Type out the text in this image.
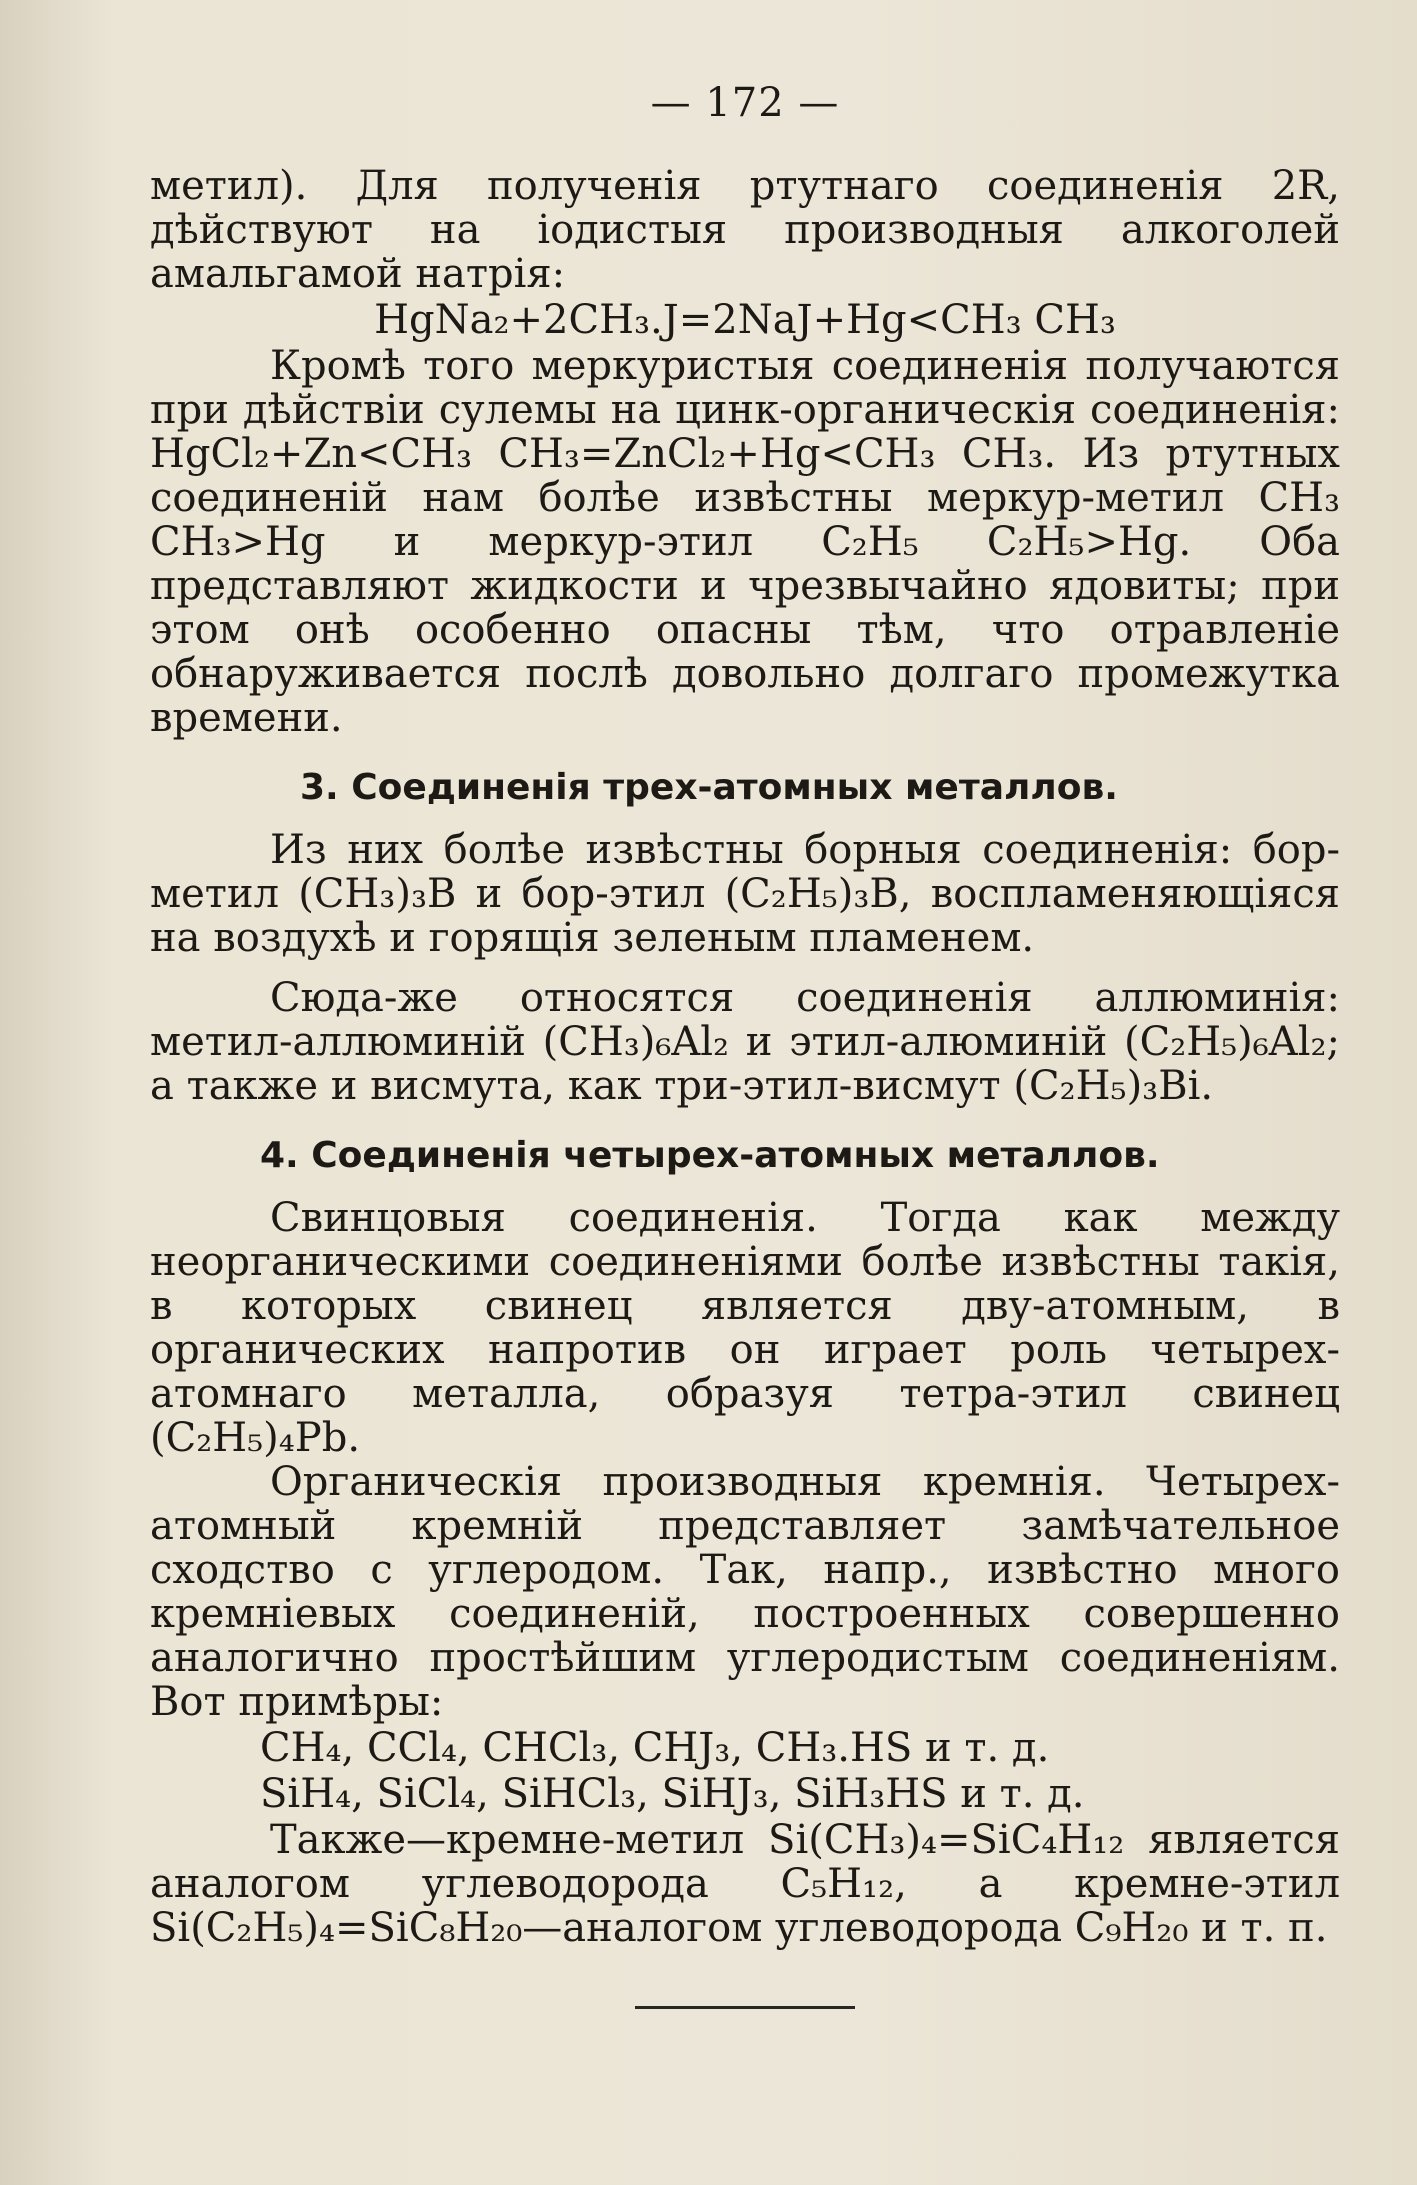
— 172 —

метил). Для полученія ртутнаго соединенія 2R, дѣйствуют на іодистыя производныя алкоголей амальгамой натрія:

HgNa₂+2CH₃.J=2NaJ+Hg<CH₃ CH₃

Кромѣ того меркуристыя соединенія получаются при дѣйствіи сулемы на цинк-органическія соединенія: HgCl₂+Zn<CH₃ CH₃=ZnCl₂+Hg<CH₃ CH₃. Из ртутных соединеній нам болѣе извѣстны меркур-метил CH₃ CH₃>Hg и меркур-этил C₂H₅ C₂H₅>Hg. Оба представляют жидкости и чрезвычайно ядовиты; при этом онѣ особенно опасны тѣм, что отравленіе обнаруживается послѣ довольно долгаго промежутка времени.

3. Соединенія трех-атомных металлов.

Из них болѣе извѣстны борныя соединенія: бор-метил (CH₃)₃B и бор-этил (C₂H₅)₃B, воспламеняющіяся на воздухѣ и горящія зеленым пламенем.

Сюда-же относятся соединенія аллюминія: метил-аллюминій (CH₃)₆Al₂ и этил-алюминій (C₂H₅)₆Al₂; а также и висмута, как три-этил-висмут (C₂H₅)₃Bi.

4. Соединенія четырех-атомных металлов.

Свинцовыя соединенія. Тогда как между неорганическими соединеніями болѣе извѣстны такія, в которых свинец является дву-атомным, в органических напротив он играет роль четырех-атомнаго металла, образуя тетра-этил свинец (C₂H₅)₄Pb.

Органическія производныя кремнія. Четырех-атомный кремній представляет замѣчательное сходство с углеродом. Так, напр., извѣстно много кремніевых соединеній, построенных совершенно аналогично простѣйшим углеродистым соединеніям. Вот примѣры:

CH₄, CCl₄, CHCl₃, CHJ₃, CH₃.HS и т. д.
SiH₄, SiCl₄, SiHCl₃, SiHJ₃, SiH₃HS и т. д.

Также—кремне-метил Si(CH₃)₄=SiC₄H₁₂ является аналогом углеводорода C₅H₁₂, а кремне-этил Si(C₂H₅)₄=SiC₈H₂₀—аналогом углеводорода C₉H₂₀ и т. п.
